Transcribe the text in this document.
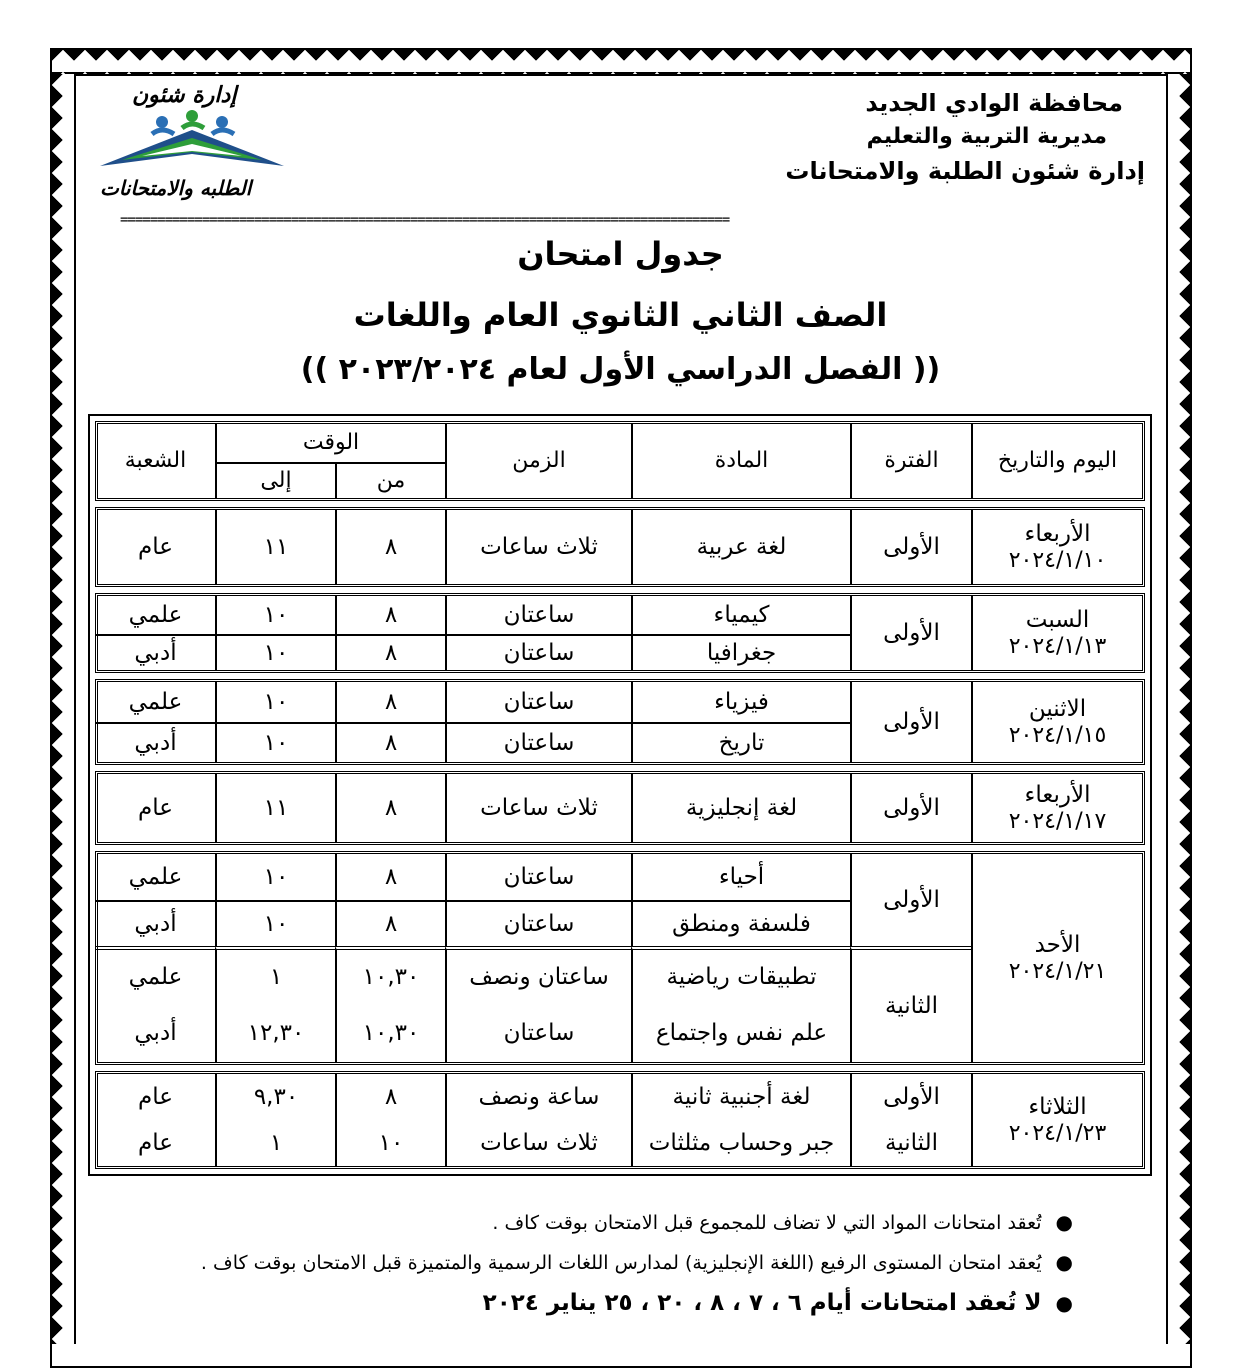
محافظة الوادي الجديد
مديرية التربية والتعليم
إدارة شئون الطلبة والامتحانات
إدارة شئون
الطلبه والامتحانات
==================================================================================
جدول امتحان
الصف الثاني الثانوي العام واللغات
(( الفصل الدراسي الأول لعام ٢٠٢٣/٢٠٢٤ ))
اليوم والتاريخ
الفترة
المادة
الزمن
الوقت
من
إلى
الشعبة
الأربعاء
٢٠٢٤/١/١٠
الأولى
لغة عربية
ثلاث ساعات
٨
١١
عام
السبت
٢٠٢٤/١/١٣
الأولى
كيمياء
ساعتان
٨
١٠
علمي
جغرافيا
ساعتان
٨
١٠
أدبي
الاثنين
٢٠٢٤/١/١٥
الأولى
فيزياء
ساعتان
٨
١٠
علمي
تاريخ
ساعتان
٨
١٠
أدبي
الأربعاء
٢٠٢٤/١/١٧
الأولى
لغة إنجليزية
ثلاث ساعات
٨
١١
عام
الأحد
٢٠٢٤/١/٢١
الأولى
الثانية
أحياء
ساعتان
٨
١٠
علمي
فلسفة ومنطق
ساعتان
٨
١٠
أدبي
تطبيقات رياضية
ساعتان ونصف
١٠,٣٠
١
علمي
علم نفس واجتماع
ساعتان
١٠,٣٠
١٢,٣٠
أدبي
الثلاثاء
٢٠٢٤/١/٢٣
الأولى
لغة أجنبية ثانية
ساعة ونصف
٨
٩,٣٠
عام
الثانية
جبر وحساب مثلثات
ثلاث ساعات
١٠
١
عام
●تُعقد امتحانات المواد التي لا تضاف للمجموع قبل الامتحان بوقت كاف .
●يُعقد امتحان المستوى الرفيع (اللغة الإنجليزية) لمدارس اللغات الرسمية والمتميزة قبل الامتحان بوقت كاف .
●لا تُعقد امتحانات أيام ٦ ، ٧ ، ٨ ، ٢٠ ، ٢٥ يناير ٢٠٢٤
